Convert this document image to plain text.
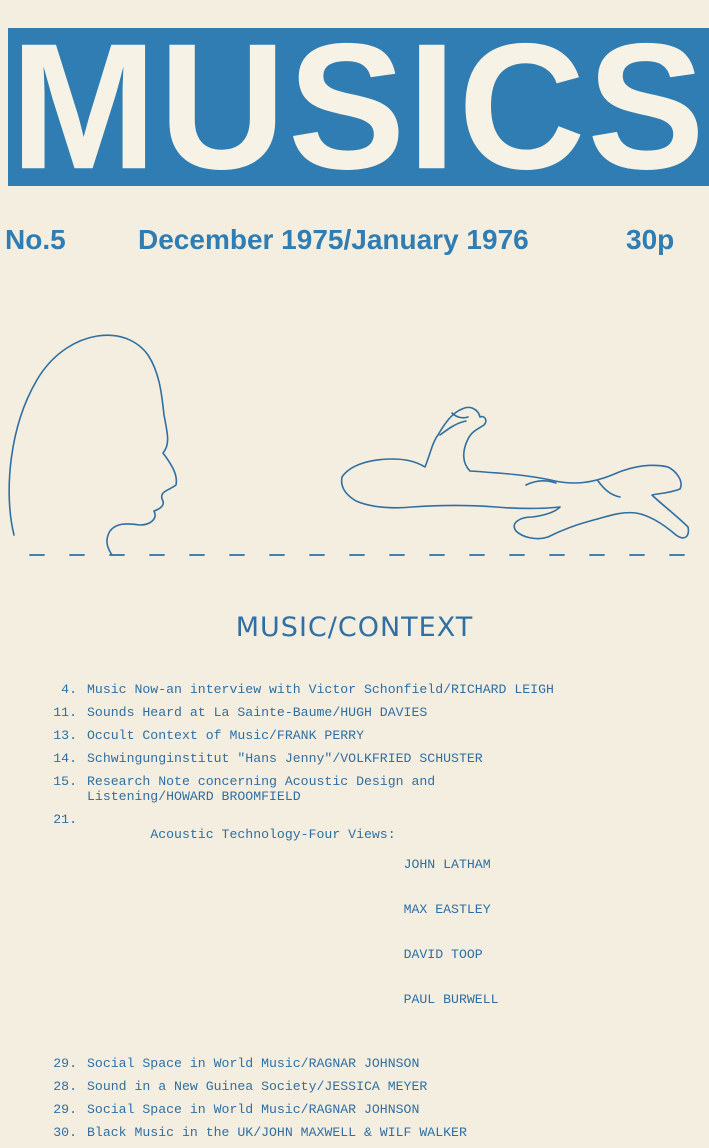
MUSICS
No.5	December 1975/January 1976	30p
MUSIC/CONTEXT
4. Music Now-an interview with Victor Schonfield/RICHARD LEIGH
11. Sounds Heard at La Sainte-Baume/HUGH DAVIES
13. Occult Context of Music/FRANK PERRY
14. Schwingunginstitut "Hans Jenny"/VOLKFRIED SCHUSTER
15. Research Note concerning Acoustic Design and
Listening/HOWARD BROOMFIELD
21.

Acoustic Technology-Four Views:

JOHN LATHAM

MAX EASTLEY

DAVID TOOP

PAUL BURWELL

29. Social Space in World Music/RAGNAR JOHNSON
28. Sound in a New Guinea Society/JESSICA MEYER
29. Social Space in World Music/RAGNAR JOHNSON
30. Black Music in the UK/JOHN MAXWELL & WILF WALKER
